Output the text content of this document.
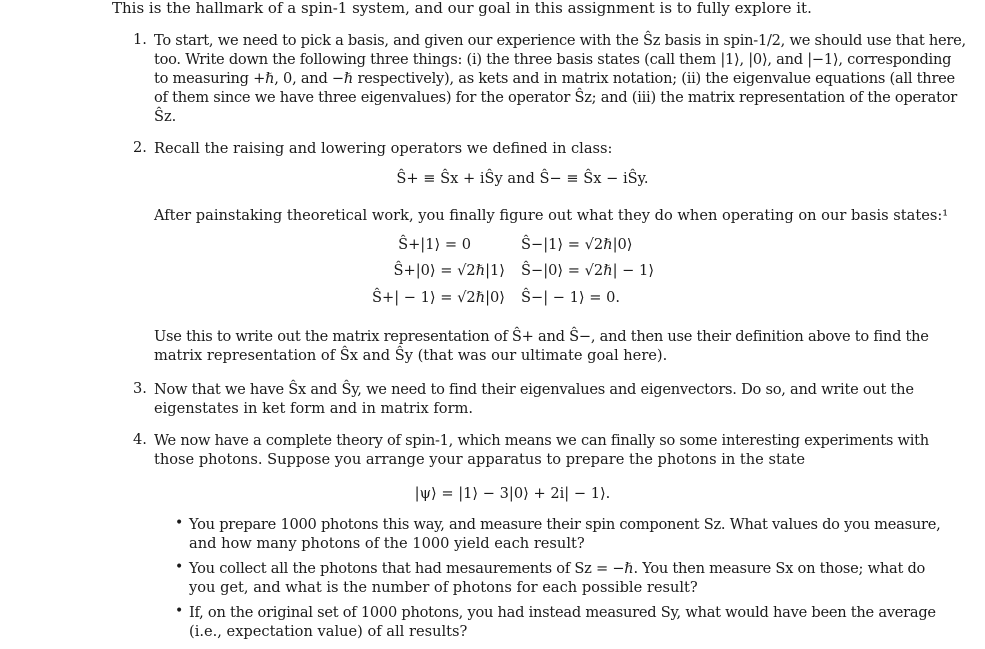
This is the hallmark of a spin-1 system, and our goal in this assignment is to fully explore it.
1. To start, we need to pick a basis, and given our experience with the Ŝz basis in spin-1/2, we should use that here,
too. Write down the following three things: (i) the three basis states (call them |1⟩, |0⟩, and |−1⟩, corresponding
to measuring +ℏ, 0, and −ℏ respectively), as kets and in matrix notation; (ii) the eigenvalue equations (all three
of them since we have three eigenvalues) for the operator Ŝz; and (iii) the matrix representation of the operator
Ŝz.
2. Recall the raising and lowering operators we defined in class:
Ŝ+ ≡ Ŝx + iŜy and Ŝ− ≡ Ŝx − iŜy.
After painstaking theoretical work, you finally figure out what they do when operating on our basis states:¹
Ŝ+|1⟩ = 0	Ŝ−|1⟩ = √2ℏ|0⟩
Ŝ+|0⟩ = √2ℏ|1⟩ Ŝ−|0⟩ = √2ℏ| − 1⟩
Ŝ+| − 1⟩ = √2ℏ|0⟩ Ŝ−| − 1⟩ = 0.
Use this to write out the matrix representation of Ŝ+ and Ŝ−, and then use their definition above to find the
matrix representation of Ŝx and Ŝy (that was our ultimate goal here).
3. Now that we have Ŝx and Ŝy, we need to find their eigenvalues and eigenvectors. Do so, and write out the
eigenstates in ket form and in matrix form.
4. We now have a complete theory of spin-1, which means we can finally so some interesting experiments with
those photons. Suppose you arrange your apparatus to prepare the photons in the state
|ψ⟩ = |1⟩ − 3|0⟩ + 2i| − 1⟩.
• You prepare 1000 photons this way, and measure their spin component Sz. What values do you measure,
and how many photons of the 1000 yield each result?
• You collect all the photons that had mesaurements of Sz = −ℏ. You then measure Sx on those; what do
you get, and what is the number of photons for each possible result?
• If, on the original set of 1000 photons, you had instead measured Sy, what would have been the average
(i.e., expectation value) of all results?
